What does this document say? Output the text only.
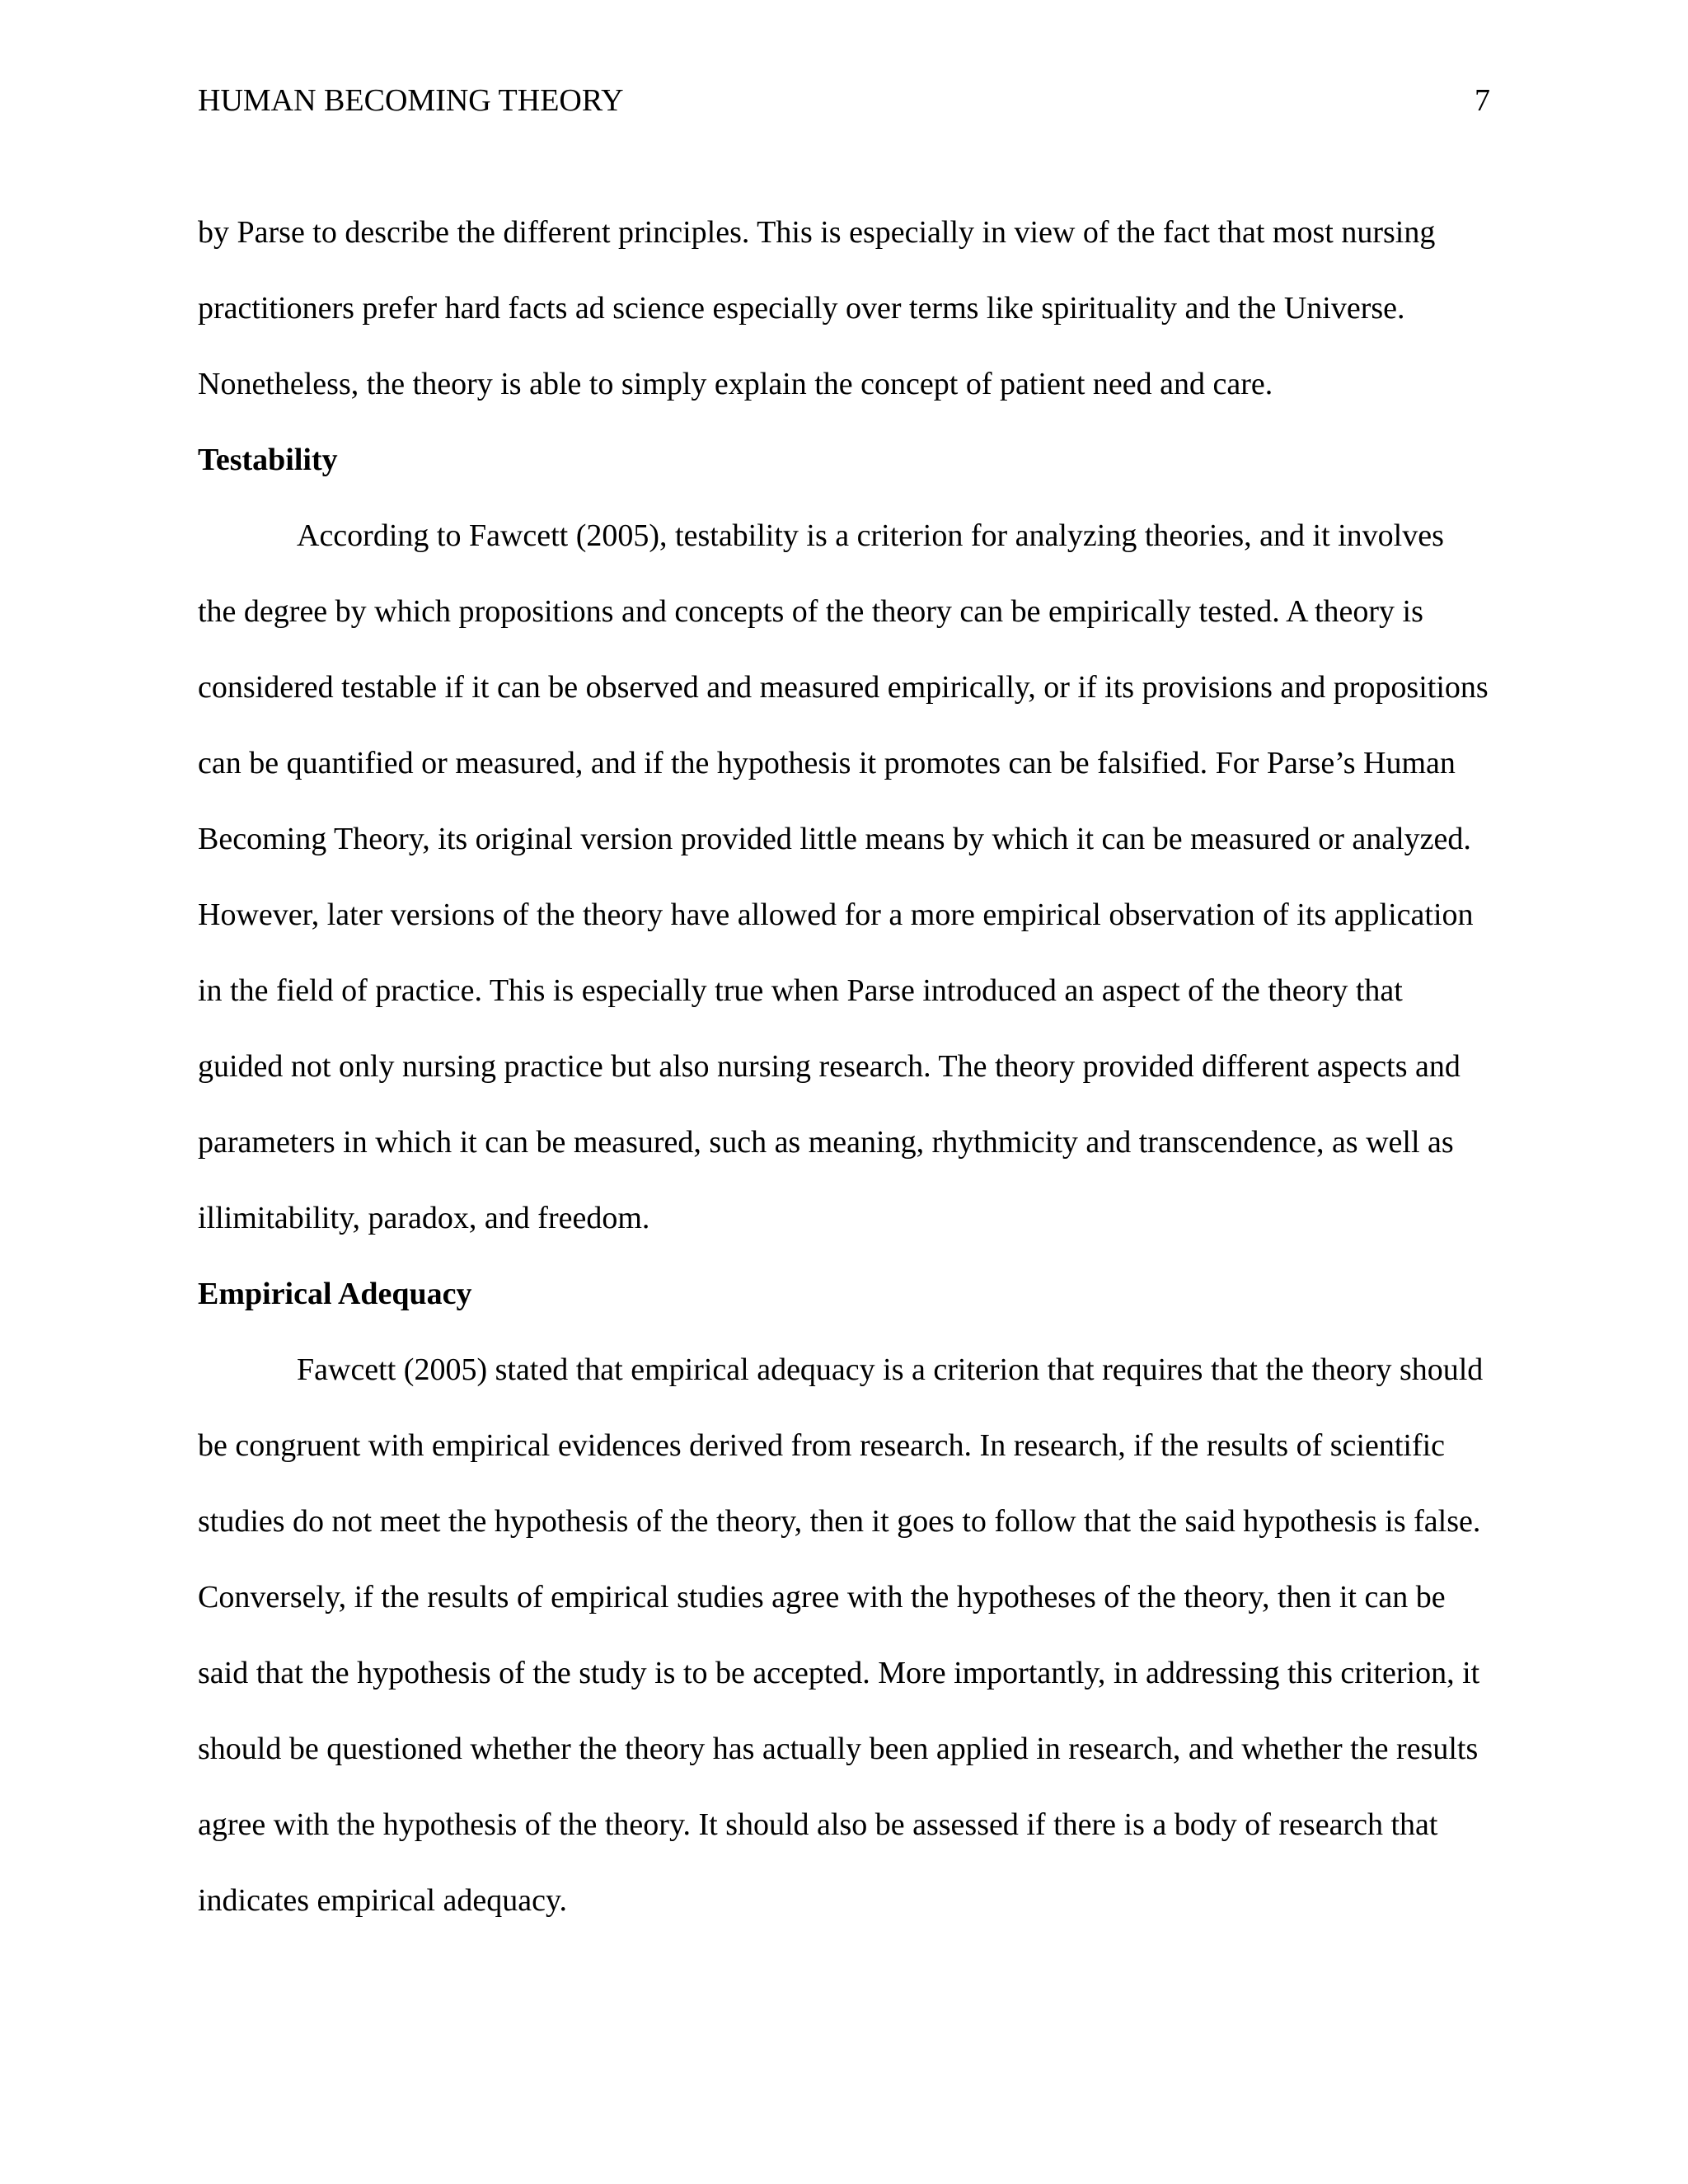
HUMAN BECOMING THEORY	7

by Parse to describe the different principles. This is especially in view of the fact that most nursing practitioners prefer hard facts ad science especially over terms like spirituality and the Universe. Nonetheless, the theory is able to simply explain the concept of patient need and care.

Testability

According to Fawcett (2005), testability is a criterion for analyzing theories, and it involves the degree by which propositions and concepts of the theory can be empirically tested. A theory is considered testable if it can be observed and measured empirically, or if its provisions and propositions can be quantified or measured, and if the hypothesis it promotes can be falsified. For Parse’s Human Becoming Theory, its original version provided little means by which it can be measured or analyzed. However, later versions of the theory have allowed for a more empirical observation of its application in the field of practice. This is especially true when Parse introduced an aspect of the theory that guided not only nursing practice but also nursing research. The theory provided different aspects and parameters in which it can be measured, such as meaning, rhythmicity and transcendence, as well as illimitability, paradox, and freedom.

Empirical Adequacy

Fawcett (2005) stated that empirical adequacy is a criterion that requires that the theory should be congruent with empirical evidences derived from research. In research, if the results of scientific studies do not meet the hypothesis of the theory, then it goes to follow that the said hypothesis is false. Conversely, if the results of empirical studies agree with the hypotheses of the theory, then it can be said that the hypothesis of the study is to be accepted. More importantly, in addressing this criterion, it should be questioned whether the theory has actually been applied in research, and whether the results agree with the hypothesis of the theory. It should also be assessed if there is a body of research that indicates empirical adequacy.
